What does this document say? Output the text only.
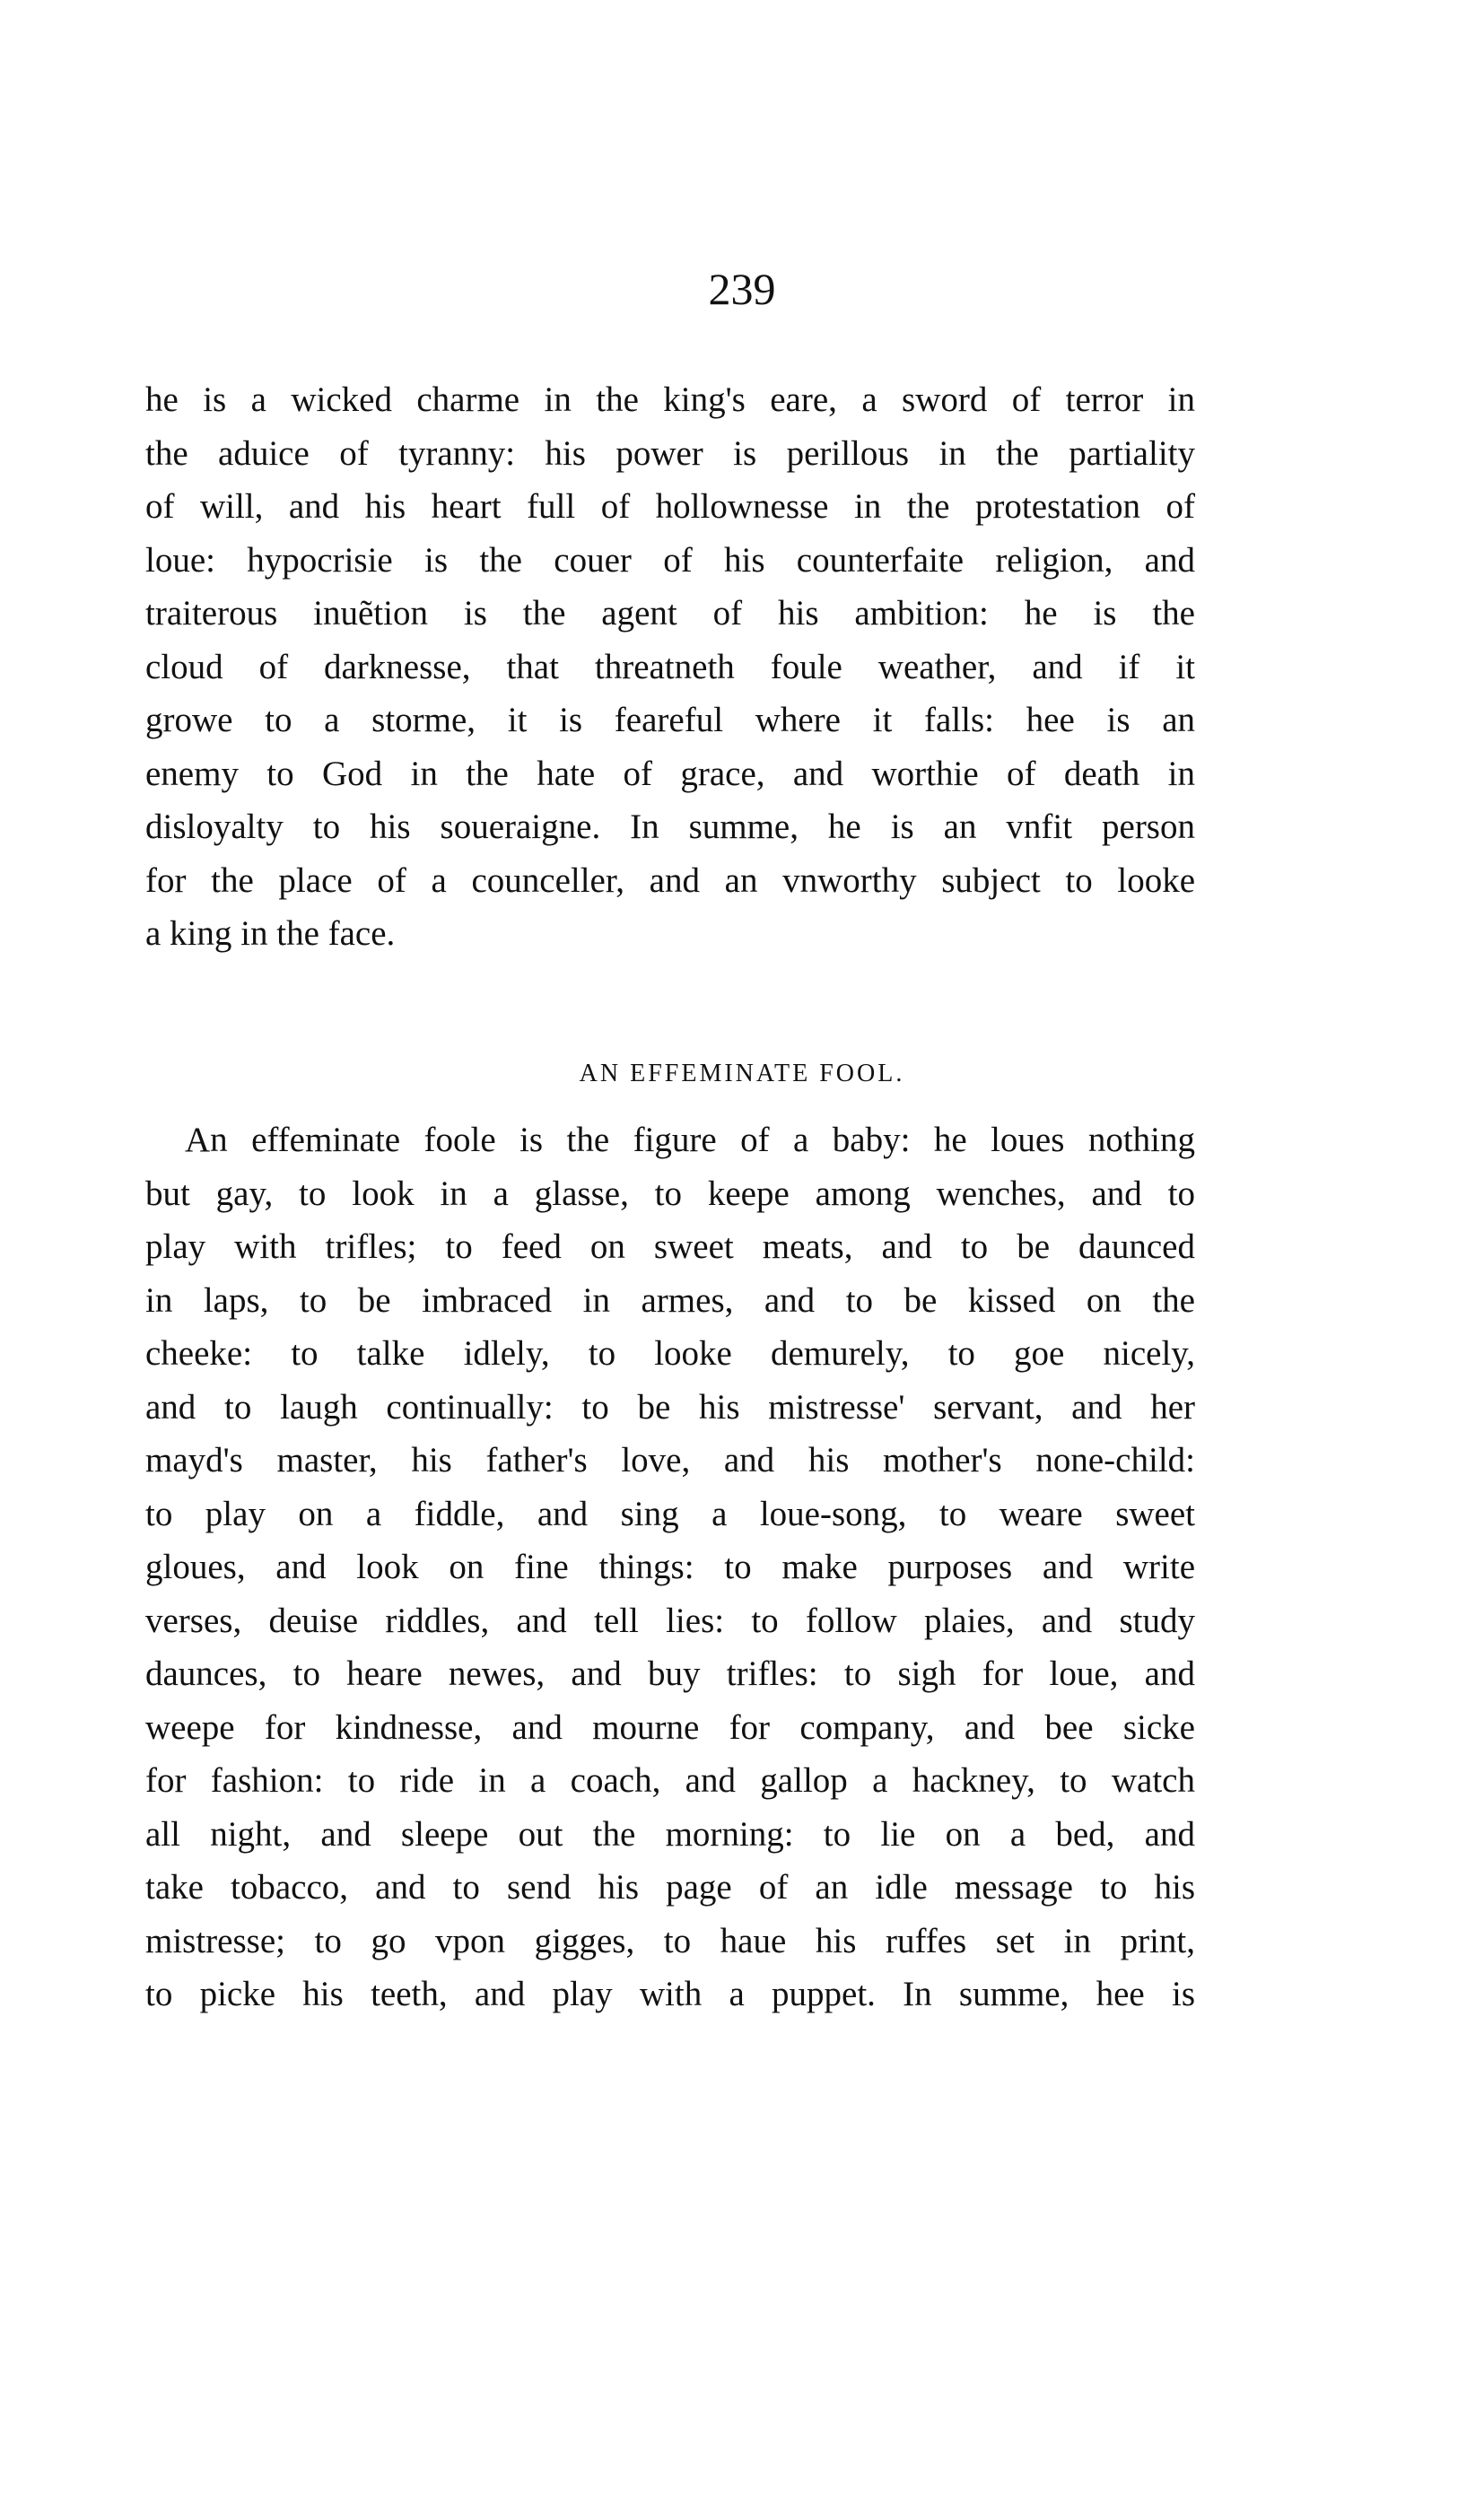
239
he is a wicked charme in the king's eare, a sword of terror in
the aduice of tyranny: his power is perillous in the partiality
of will, and his heart full of hollownesse in the protestation of
loue: hypocrisie is the couer of his counterfaite religion, and
traiterous inuẽtion is the agent of his ambition: he is the
cloud of darknesse, that threatneth foule weather, and if it
growe to a storme, it is feareful where it falls: hee is an
enemy to God in the hate of grace, and worthie of death in
disloyalty to his soueraigne. In summe, he is an vnfit person
for the place of a counceller, and an vnworthy subject to looke
a king in the face.
AN EFFEMINATE FOOL.
An effeminate foole is the figure of a baby: he loues nothing
but gay, to look in a glasse, to keepe among wenches, and to
play with trifles; to feed on sweet meats, and to be daunced
in laps, to be imbraced in armes, and to be kissed on the
cheeke: to talke idlely, to looke demurely, to goe nicely,
and to laugh continually: to be his mistresse' servant, and her
mayd's master, his father's love, and his mother's none-child:
to play on a fiddle, and sing a loue-song, to weare sweet
gloues, and look on fine things: to make purposes and write
verses, deuise riddles, and tell lies: to follow plaies, and study
daunces, to heare newes, and buy trifles: to sigh for loue, and
weepe for kindnesse, and mourne for company, and bee sicke
for fashion: to ride in a coach, and gallop a hackney, to watch
all night, and sleepe out the morning: to lie on a bed, and
take tobacco, and to send his page of an idle message to his
mistresse; to go vpon gigges, to haue his ruffes set in print,
to picke his teeth, and play with a puppet. In summe, hee is
